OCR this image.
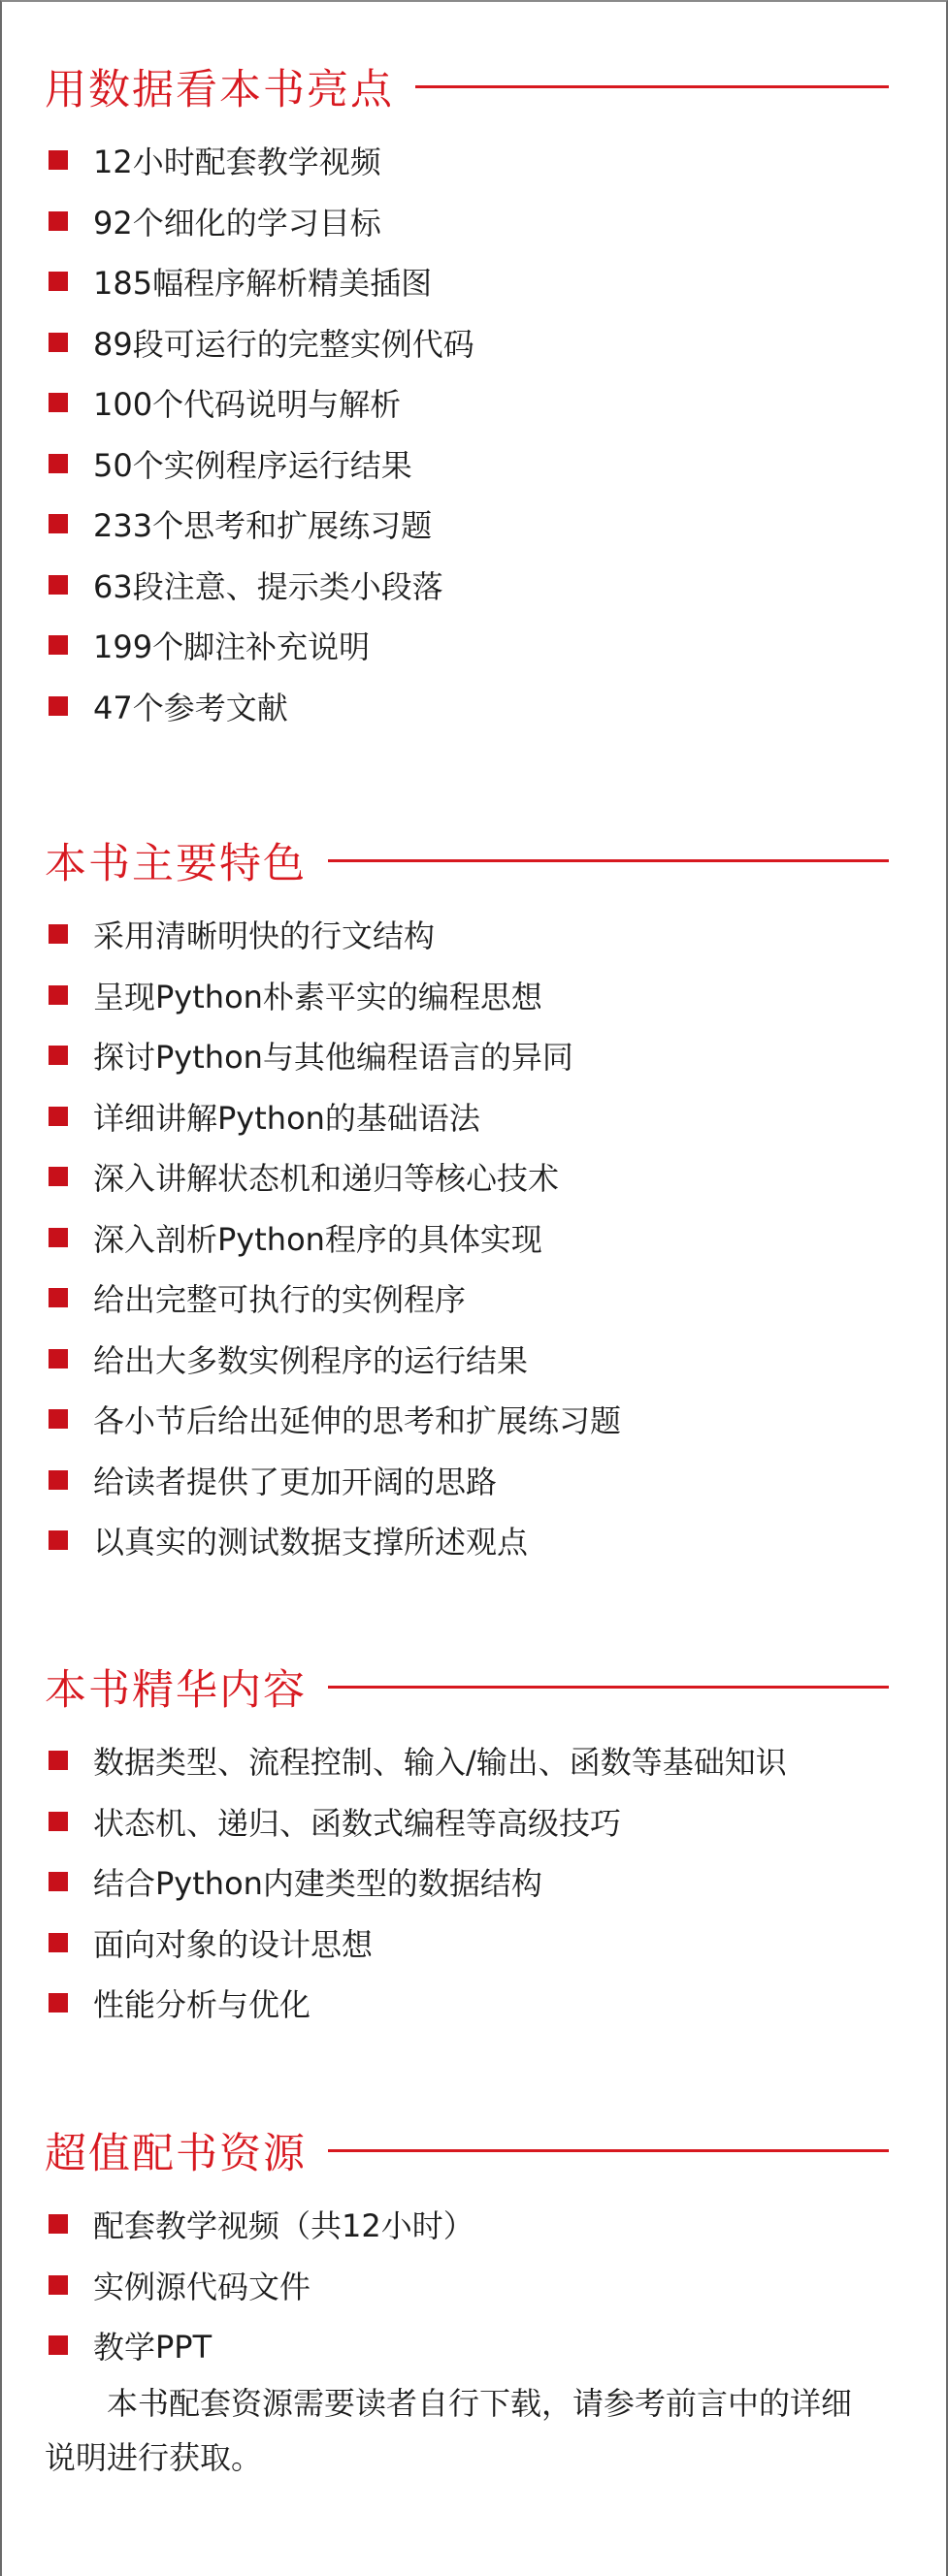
用数据看本书亮点
12小时配套教学视频
92个细化的学习目标
185幅程序解析精美插图
89段可运行的完整实例代码
100个代码说明与解析
50个实例程序运行结果
233个思考和扩展练习题
63段注意、提示类小段落
199个脚注补充说明
47个参考文献
本书主要特色
采用清晰明快的行文结构
呈现Python朴素平实的编程思想
探讨Python与其他编程语言的异同
详细讲解Python的基础语法
深入讲解状态机和递归等核心技术
深入剖析Python程序的具体实现
给出完整可执行的实例程序
给出大多数实例程序的运行结果
各小节后给出延伸的思考和扩展练习题
给读者提供了更加开阔的思路
以真实的测试数据支撑所述观点
本书精华内容
数据类型、流程控制、输入/输出、函数等基础知识
状态机、递归、函数式编程等高级技巧
结合Python内建类型的数据结构
面向对象的设计思想
性能分析与优化
超值配书资源
配套教学视频（共12小时）
实例源代码文件
教学PPT

本书配套资源需要读者自行下载，请参考前言中的详细说明进行获取。
